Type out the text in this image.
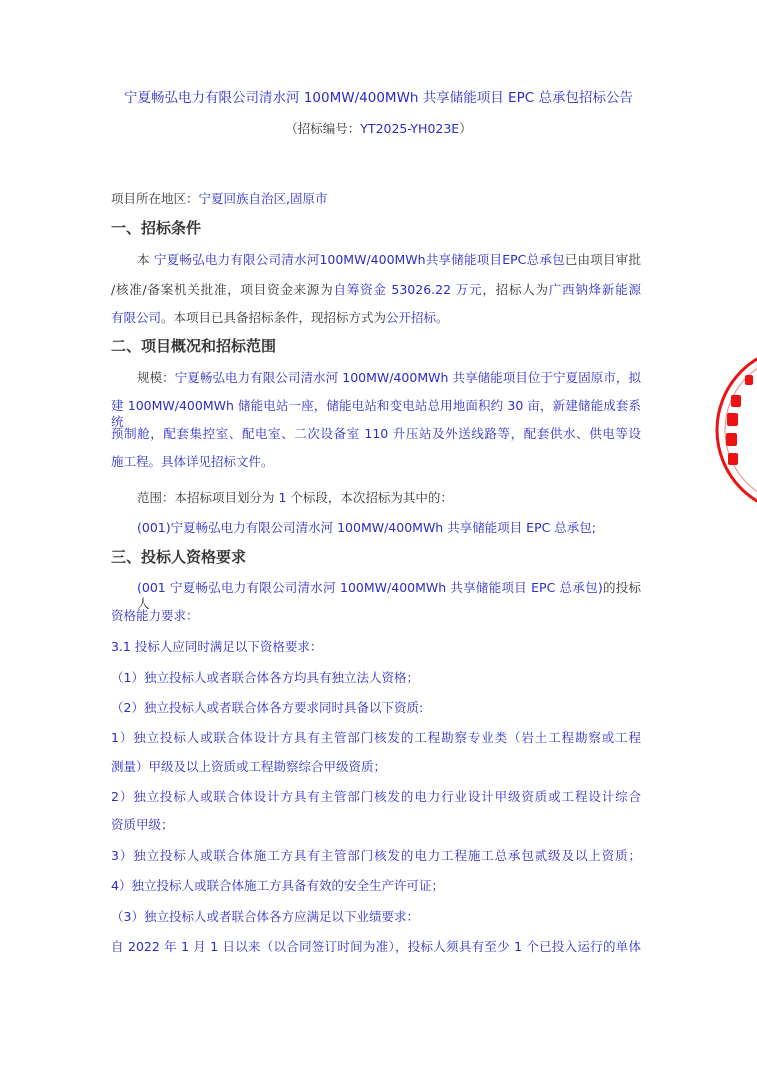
宁夏畅弘电力有限公司清水河 100MW/400MWh 共享储能项目 EPC 总承包招标公告
（招标编号：YT2025-YH023E）
项目所在地区：宁夏回族自治区,固原市
一、招标条件
本 宁夏畅弘电力有限公司清水河100MW/400MWh共享储能项目EPC总承包已由项目审批
/核准/备案机关批准，项目资金来源为自筹资金 53026.22 万元，招标人为广西钠烽新能源
有限公司。本项目已具备招标条件，现招标方式为公开招标。
二、项目概况和招标范围
规模：宁夏畅弘电力有限公司清水河 100MW/400MWh 共享储能项目位于宁夏固原市，拟
建 100MW/400MWh 储能电站一座，储能电站和变电站总用地面积约 30 亩，新建储能成套系统
预制舱，配套集控室、配电室、二次设备室 110 升压站及外送线路等，配套供水、供电等设
施工程。具体详见招标文件。
范围：本招标项目划分为 1 个标段，本次招标为其中的：
(001)宁夏畅弘电力有限公司清水河 100MW/400MWh 共享储能项目 EPC 总承包;
三、投标人资格要求
(001 宁夏畅弘电力有限公司清水河 100MW/400MWh 共享储能项目 EPC 总承包)的投标人
资格能力要求：
3.1 投标人应同时满足以下资格要求：
（1）独立投标人或者联合体各方均具有独立法人资格；
（2）独立投标人或者联合体各方要求同时具备以下资质:
1）独立投标人或联合体设计方具有主管部门核发的工程勘察专业类（岩土工程勘察或工程
测量）甲级及以上资质或工程勘察综合甲级资质；
2）独立投标人或联合体设计方具有主管部门核发的电力行业设计甲级资质或工程设计综合
资质甲级；
3）独立投标人或联合体施工方具有主管部门核发的电力工程施工总承包贰级及以上资质；
4）独立投标人或联合体施工方具备有效的安全生产许可证；
（3）独立投标人或者联合体各方应满足以下业绩要求：
自 2022 年 1 月 1 日以来（以合同签订时间为准），投标人须具有至少 1 个已投入运行的单体
